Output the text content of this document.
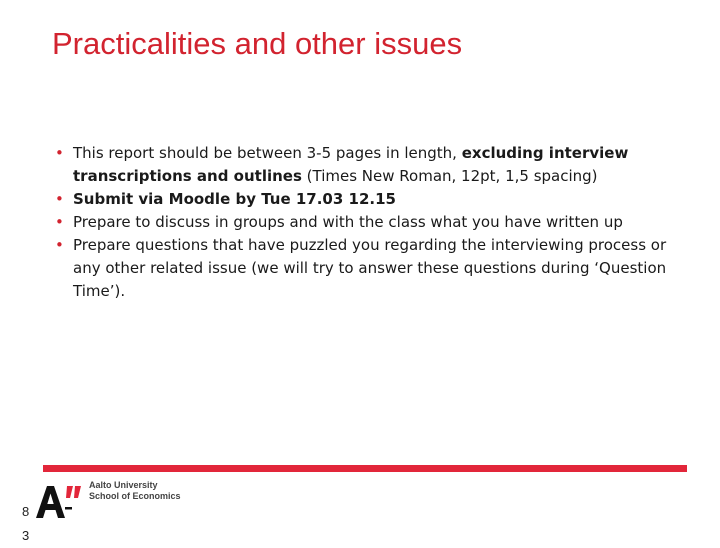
Practicalities and other issues
• This report should be between 3-5 pages in length, excluding interview transcriptions and outlines (Times New Roman, 12pt, 1,5 spacing)
• Submit via Moodle by Tue 17.03 12.15
• Prepare to discuss in groups and with the class what you have written up
• Prepare questions that have puzzled you regarding the interviewing process or any other related issue (we will try to answer these questions during ‘Question Time’).
Aalto University
School of Economics
83
